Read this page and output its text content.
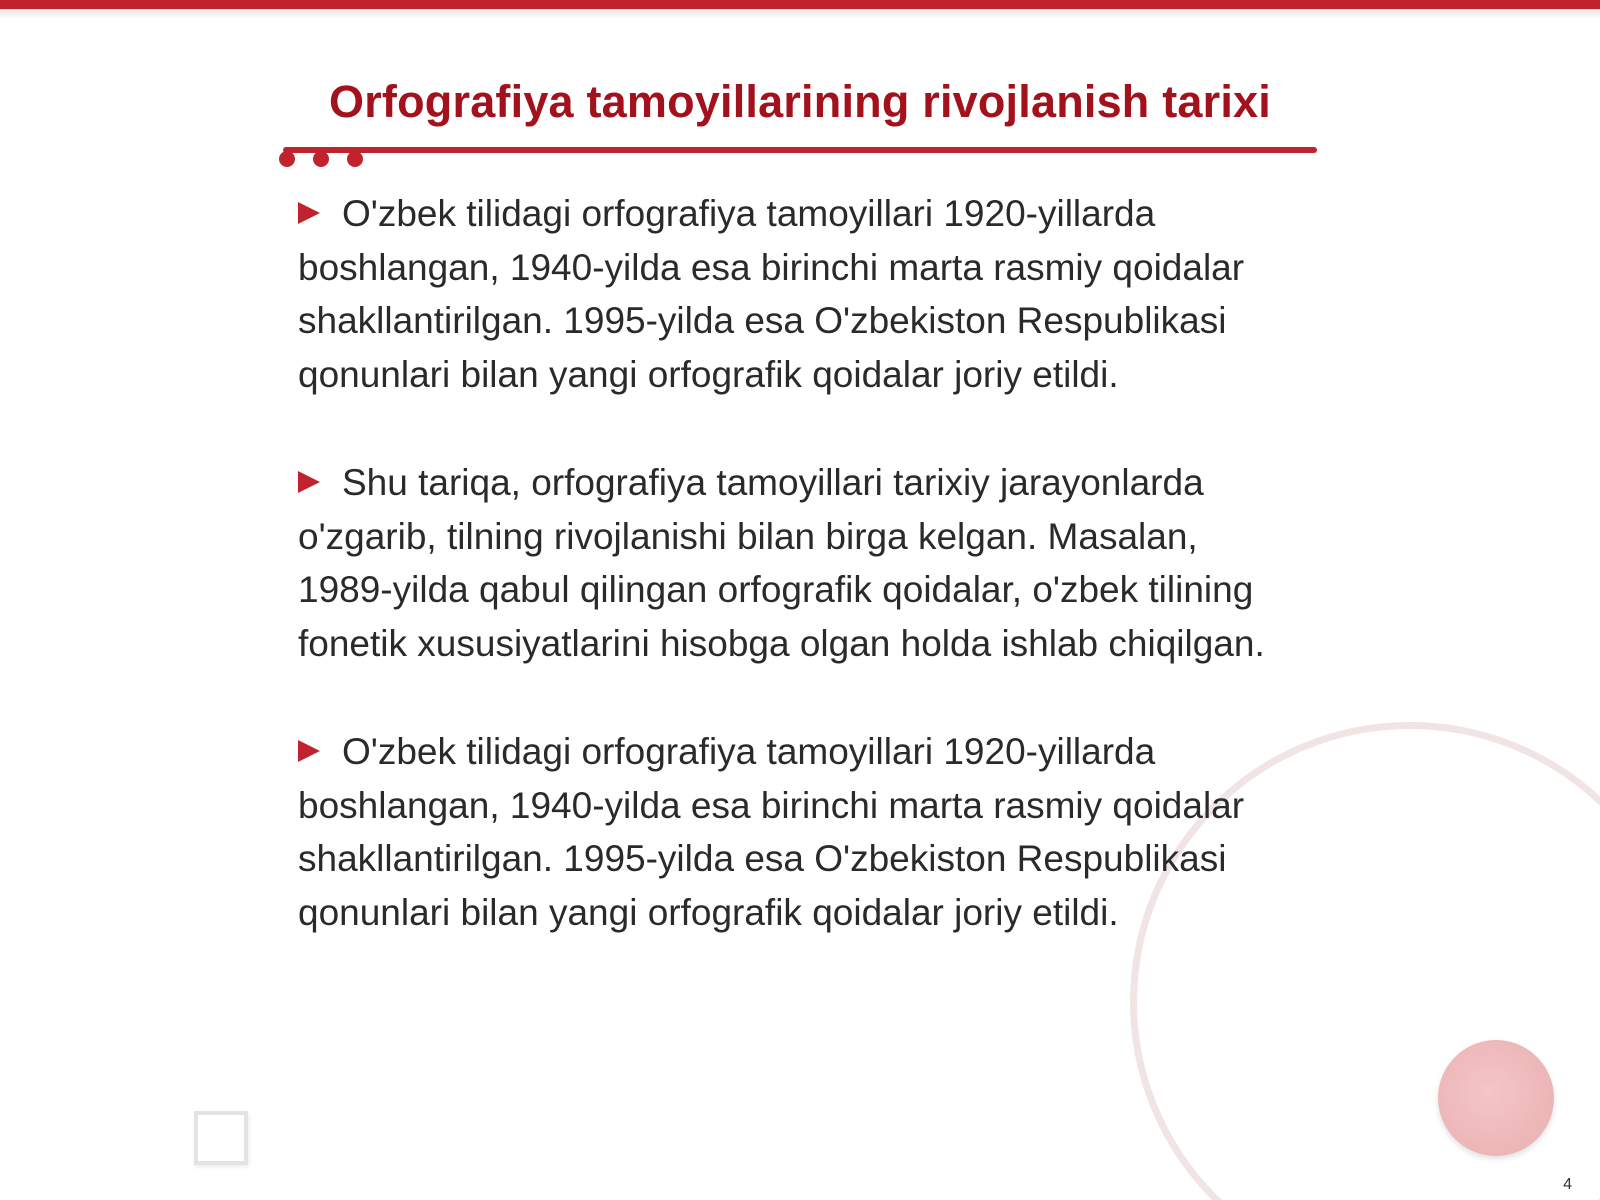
Orfografiya tamoyillarining rivojlanish tarixi

O'zbek tilidagi orfografiya tamoyillari 1920-yillarda boshlangan, 1940-yilda esa birinchi marta rasmiy qoidalar shakllantirilgan. 1995-yilda esa O'zbekiston Respublikasi qonunlari bilan yangi orfografik qoidalar joriy etildi.

Shu tariqa, orfografiya tamoyillari tarixiy jarayonlarda o'zgarib, tilning rivojlanishi bilan birga kelgan. Masalan, 1989-yilda qabul qilingan orfografik qoidalar, o'zbek tilining fonetik xususiyatlarini hisobga olgan holda ishlab chiqilgan.

O'zbek tilidagi orfografiya tamoyillari 1920-yillarda boshlangan, 1940-yilda esa birinchi marta rasmiy qoidalar shakllantirilgan. 1995-yilda esa O'zbekiston Respublikasi qonunlari bilan yangi orfografik qoidalar joriy etildi.

4
